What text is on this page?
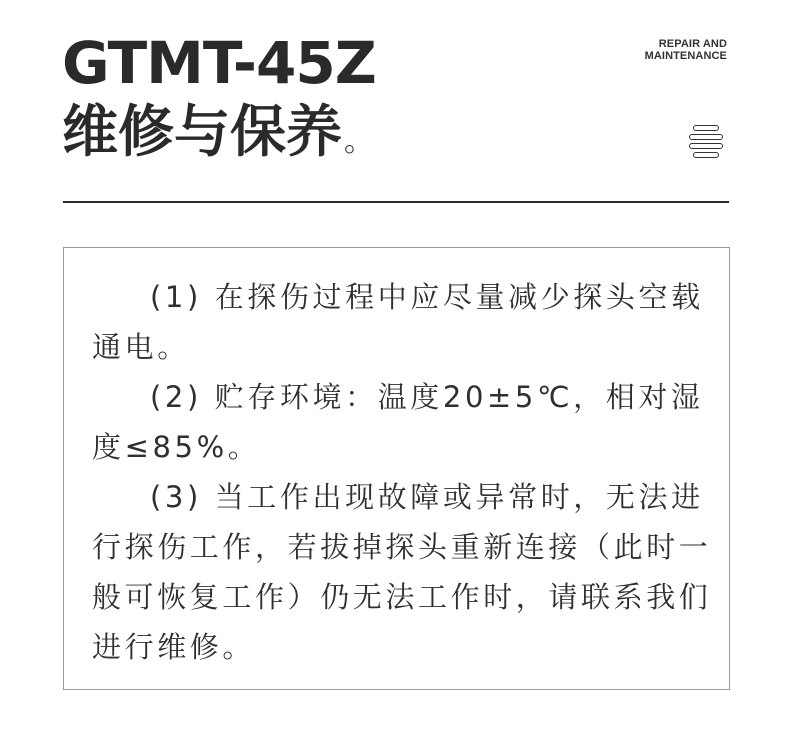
GTMT-45Z
维修与保养。
REPAIR AND
MAINTENANCE

(1) 在探伤过程中应尽量减少探头空载通电。

(2) 贮存环境：温度20±5℃，相对湿度≤85%。

(3) 当工作出现故障或异常时，无法进行探伤工作，若拔掉探头重新连接（此时一般可恢复工作）仍无法工作时，请联系我们进行维修。
